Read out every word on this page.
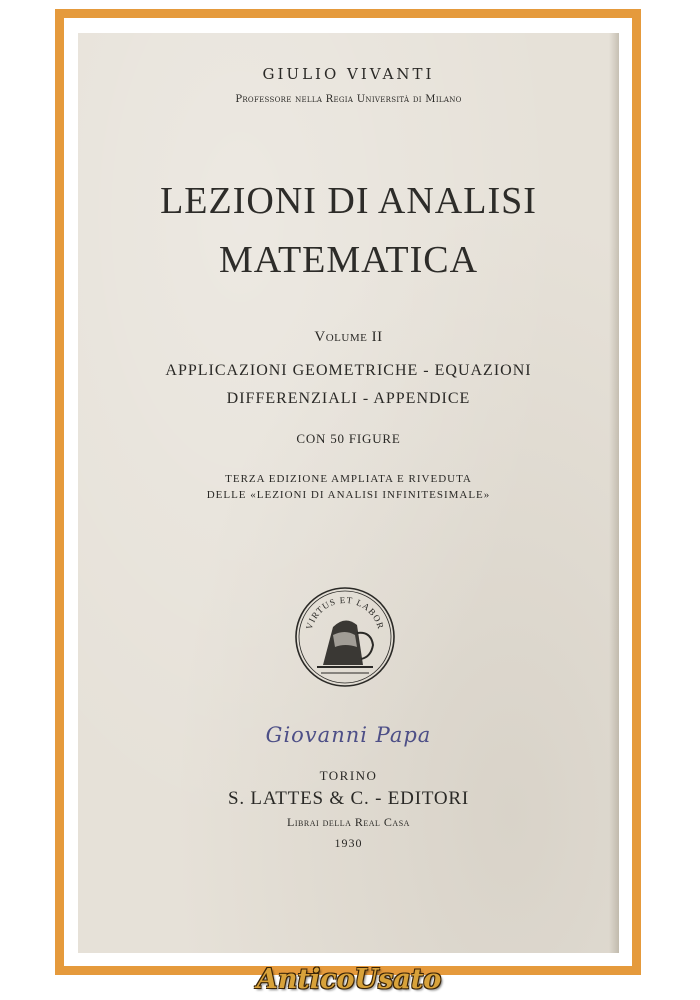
GIULIO VIVANTI

Professore nella Regia Università di Milano

LEZIONI DI ANALISI

MATEMATICA

Volume II

APPLICAZIONI GEOMETRICHE - EQUAZIONI

DIFFERENZIALI - APPENDICE

CON 50 FIGURE

TERZA EDIZIONE AMPLIATA E RIVEDUTA

DELLE «LEZIONI DI ANALISI INFINITESIMALE»

VIRTUS ET LABOR

Giovanni Papa

TORINO

S. LATTES & C. - EDITORI

Librai della Real Casa

1930

AnticoUsato
